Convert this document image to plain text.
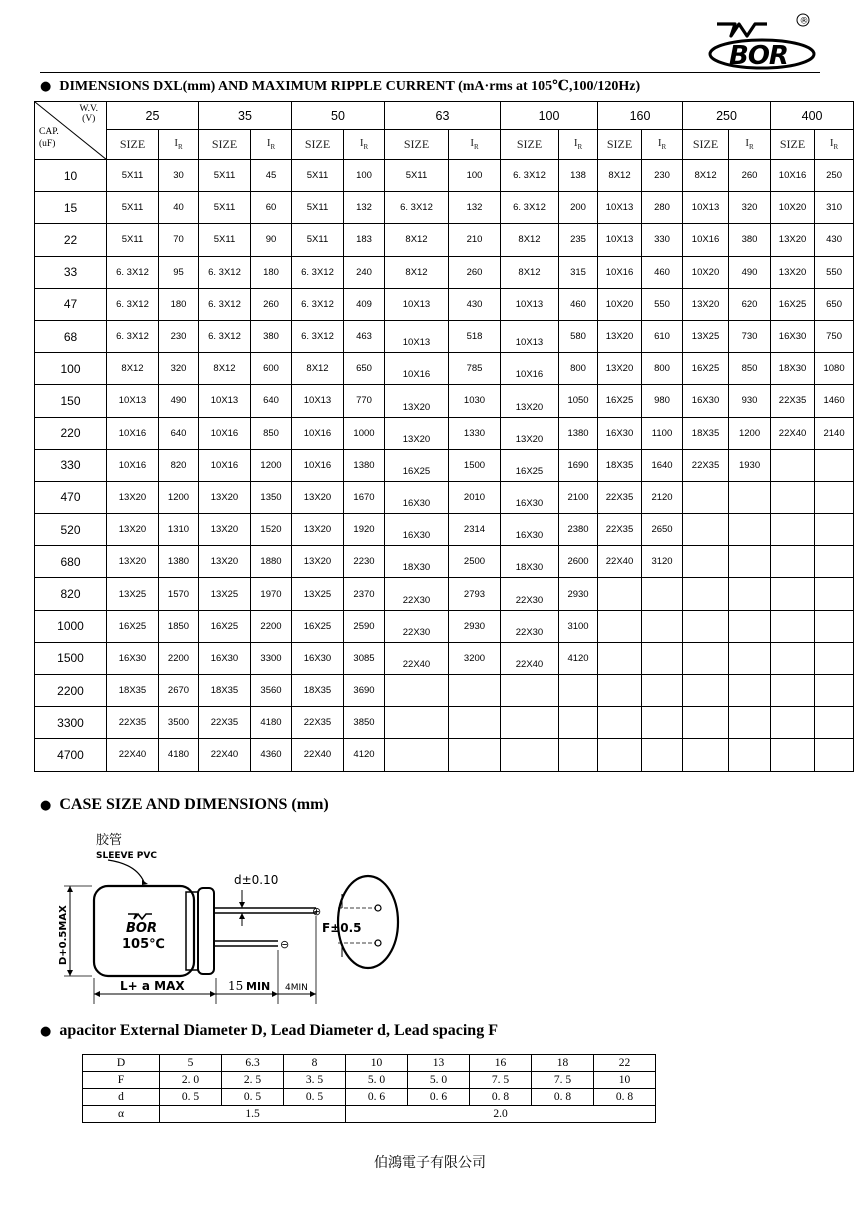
BOR
®
● DIMENSIONS DXL(mm) AND MAXIMUM RIPPLE CURRENT (mA·rms at 105℃,100/120Hz)
W.V.
(V)
CAP.
(uF)	25		35		50		63		100		160		250		400	
	SIZE	$I_R$	SIZE	$I_R$	SIZE	$I_R$	SIZE	$I_R$	SIZE	$I_R$	SIZE	$I_R$	SIZE	$I_R$	SIZE	$I_R$
10	5X11	30	5X11	45	5X11	100	5X11	100	6. 3X12	138	8X12	230	8X12	260	10X16	250
15	5X11	40	5X11	60	5X11	132	6. 3X12	132	6. 3X12	200	10X13	280	10X13	320	10X20	310
22	5X11	70	5X11	90	5X11	183	8X12	210	8X12	235	10X13	330	10X16	380	13X20	430
33	6. 3X12	95	6. 3X12	180	6. 3X12	240	8X12	260	8X12	315	10X16	460	10X20	490	13X20	550
47	6. 3X12	180	6. 3X12	260	6. 3X12	409	10X13	430	10X13	460	10X20	550	13X20	620	16X25	650
68	6. 3X12	230	6. 3X12	380	6. 3X12	463	10X13	518	10X13	580	13X20	610	13X25	730	16X30	750
100	8X12	320	8X12	600	8X12	650	10X16	785	10X16	800	13X20	800	16X25	850	18X30	1080
150	10X13	490	10X13	640	10X13	770	13X20	1030	13X20	1050	16X25	980	16X30	930	22X35	1460
220	10X16	640	10X16	850	10X16	1000	13X20	1330	13X20	1380	16X30	1100	18X35	1200	22X40	2140
330	10X16	820	10X16	1200	10X16	1380	16X25	1500	16X25	1690	18X35	1640	22X35	1930		
470	13X20	1200	13X20	1350	13X20	1670	16X30	2010	16X30	2100	22X35	2120				
520	13X20	1310	13X20	1520	13X20	1920	16X30	2314	16X30	2380	22X35	2650				
680	13X20	1380	13X20	1880	13X20	2230	18X30	2500	18X30	2600	22X40	3120				
820	13X25	1570	13X25	1970	13X25	2370	22X30	2793	22X30	2930						
1000	16X25	1850	16X25	2200	16X25	2590	22X30	2930	22X30	3100						
1500	16X30	2200	16X30	3300	16X30	3085	22X40	3200	22X40	4120						
2200	18X35	2670	18X35	3560	18X35	3690										
3300	22X35	3500	22X35	4180	22X35	3850										
4700	22X40	4180	22X40	4360	22X40	4120										
● CASE SIZE AND DIMENSIONS (mm)
胶管
SLEEVE PVC
BOR
105℃
⊕
⊖
d±0.10
F±0.5
D+0.5MAX
L+ a MAX	15 MIN 4MIN
● apacitor External Diameter D, Lead Diameter d, Lead spacing F
D	5	6.3	8	10	13	16	18	22
F	2. 0	2. 5	3. 5	5. 0	5. 0	7. 5	7. 5	10
d	0. 5	0. 5	0. 5	0. 6	0. 6	0. 8	0. 8	0. 8
α	1.5			2.0				
伯鴻電子有限公司
